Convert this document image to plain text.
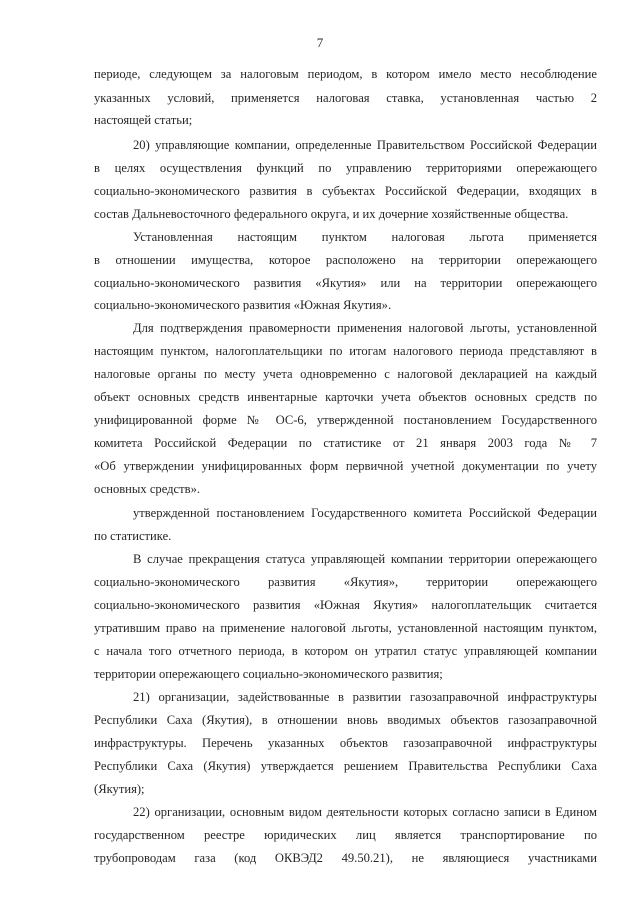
7
периоде, следующем за налоговым периодом, в котором имело место несоблюдение
указанных условий, применяется налоговая ставка, установленная частью 2
настоящей статьи;
20) управляющие компании, определенные Правительством Российской Федерации
в целях осуществления функций по управлению территориями опережающего
социально-экономического развития в субъектах Российской Федерации, входящих в
состав Дальневосточного федерального округа, и их дочерние хозяйственные общества.
Установленная настоящим пунктом налоговая льгота применяется
в отношении имущества, которое расположено на территории опережающего
социально-экономического развития «Якутия» или на территории опережающего
социально-экономического развития «Южная Якутия».
Для подтверждения правомерности применения налоговой льготы, установленной
настоящим пунктом, налогоплательщики по итогам налогового периода представляют в
налоговые органы по месту учета одновременно с налоговой декларацией на каждый
объект основных средств инвентарные карточки учета объектов основных средств по
унифицированной форме № ОС-6, утвержденной постановлением Государственного
комитета Российской Федерации по статистике от 21 января 2003 года № 7
«Об утверждении унифицированных форм первичной учетной документации по учету
основных средств».
утвержденной постановлением Государственного комитета Российской Федерации
по статистике.
В случае прекращения статуса управляющей компании территории опережающего
социально-экономического развития «Якутия», территории опережающего
социально-экономического развития «Южная Якутия» налогоплательщик считается
утратившим право на применение налоговой льготы, установленной настоящим пунктом,
с начала того отчетного периода, в котором он утратил статус управляющей компании
территории опережающего социально-экономического развития;
21) организации, задействованные в развитии газозаправочной инфраструктуры
Республики Саха (Якутия), в отношении вновь вводимых объектов газозаправочной
инфраструктуры. Перечень указанных объектов газозаправочной инфраструктуры
Республики Саха (Якутия) утверждается решением Правительства Республики Саха
(Якутия);
22) организации, основным видом деятельности которых согласно записи в Едином
государственном реестре юридических лиц является транспортирование по
трубопроводам газа (код ОКВЭД2 49.50.21), не являющиеся участниками
